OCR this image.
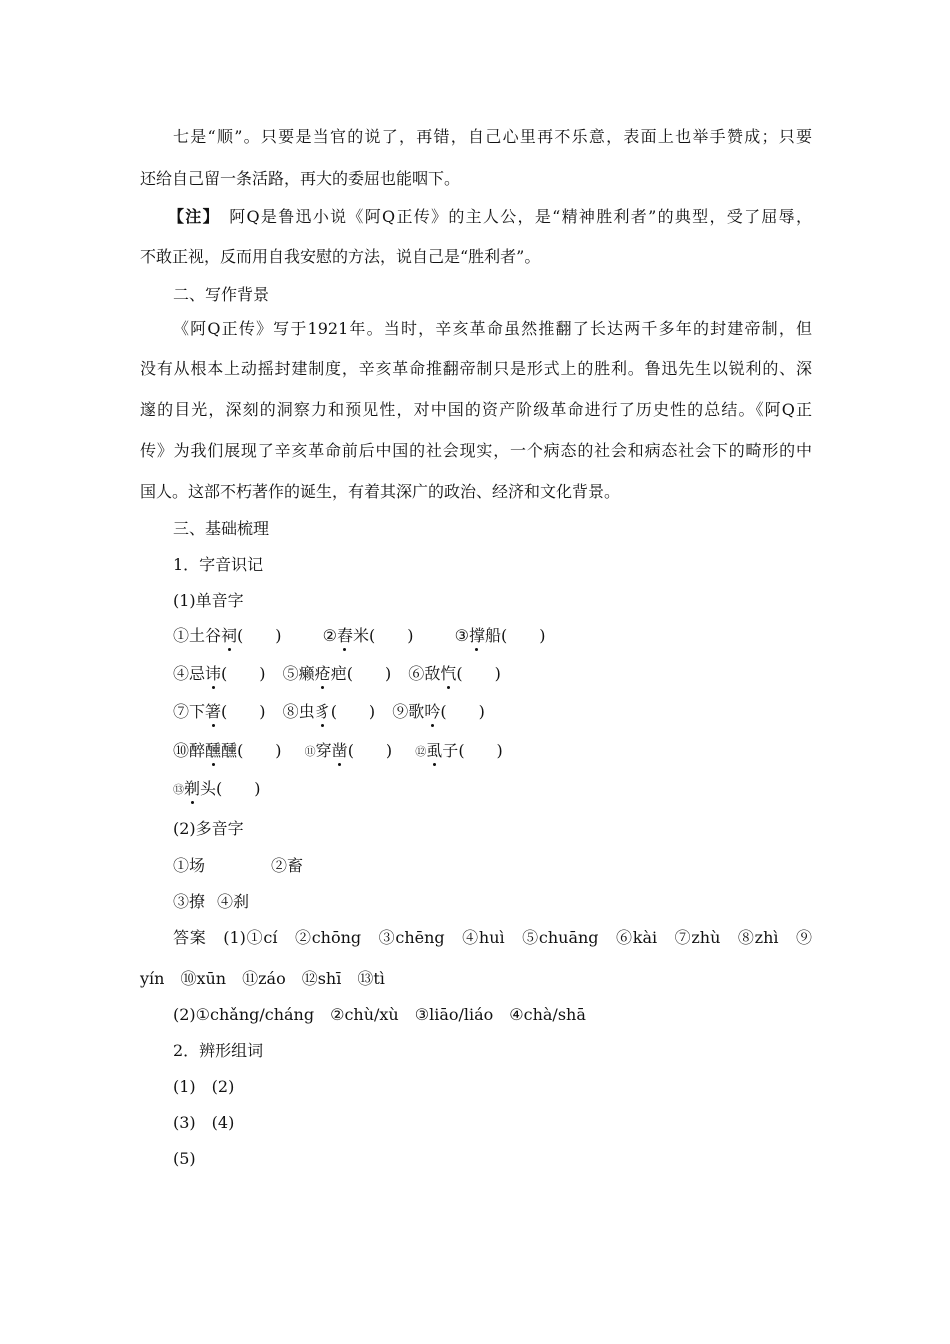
七是“顺”。只要是当官的说了，再错，自己心里再不乐意，表面上也举手赞成；只要
还给自己留一条活路，再大的委屈也能咽下。
【注】　 阿Q是鲁迅小说《阿Q正传》的主人公，是“精神胜利者”的典型，受了屈辱，
不敢正视，反而用自我安慰的方法，说自己是“胜利者”。
二、写作背景
《阿Q正传》写于1921年。当时，辛亥革命虽然推翻了长达两千多年的封建帝制，但
没有从根本上动摇封建制度，辛亥革命推翻帝制只是形式上的胜利。鲁迅先生以锐利的、深
邃的目光，深刻的洞察力和预见性，对中国的资产阶级革命进行了历史性的总结。《阿Q正
传》为我们展现了辛亥革命前后中国的社会现实，一个病态的社会和病态社会下的畸形的中
国人。这部不朽著作的诞生，有着其深广的政治、经济和文化背景。
三、基础梳理
1．字音识记
(1)单音字
①土谷祠(　　)	②舂米(　　)	③撑船(　　)
④忌讳(　　) ⑤癞疮疤(　　) ⑥敌忾(　　)
⑦下箸(　　) ⑧虫豸(　　) ⑨歌吟(　　)
⑩醉醺醺(　　) ⑪穿凿(　　) ⑫虱子(　　)
⑬剃头(　　)
(2)多音字
①场	②畜
③撩 ④刹
答案　(1)①cí　②chōng　③chēng　④huì　⑤chuāng　⑥kài　⑦zhù　⑧zhì　⑨
yín　⑩xūn　⑪záo　⑫shī　⑬tì
(2)①chǎng/cháng　②chù/xù　③liāo/liáo　④chà/shā
2．辨形组词
(1)　(2)
(3)　(4)
(5)
